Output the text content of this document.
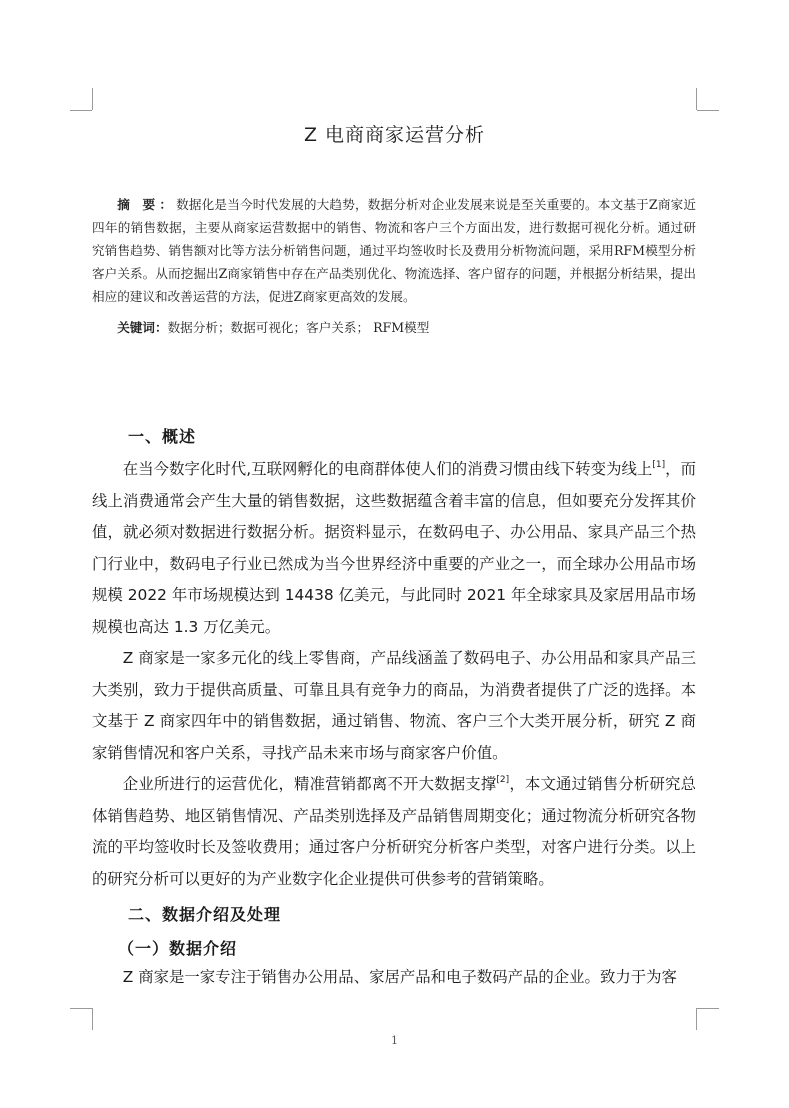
Z 电商商家运营分析
摘 要：数据化是当今时代发展的大趋势，数据分析对企业发展来说是至关重要的。本文基于Z商家近四年的销售数据，主要从商家运营数据中的销售、物流和客户三个方面出发，进行数据可视化分析。通过研究销售趋势、销售额对比等方法分析销售问题，通过平均签收时长及费用分析物流问题，采用RFM模型分析客户关系。从而挖掘出Z商家销售中存在产品类别优化、物流选择、客户留存的问题，并根据分析结果，提出相应的建议和改善运营的方法，促进Z商家更高效的发展。
关键词：数据分析；数据可视化；客户关系； RFM模型
一、概述

在当今数字化时代,互联网孵化的电商群体使人们的消费习惯由线下转变为线上[1]，而线上消费通常会产生大量的销售数据，这些数据蕴含着丰富的信息，但如要充分发挥其价值，就必须对数据进行数据分析。据资料显示，在数码电子、办公用品、家具产品三个热门行业中，数码电子行业已然成为当今世界经济中重要的产业之一，而全球办公用品市场规模 2022 年市场规模达到 14438 亿美元，与此同时 2021 年全球家具及家居用品市场规模也高达 1.3 万亿美元。

Z 商家是一家多元化的线上零售商，产品线涵盖了数码电子、办公用品和家具产品三大类别，致力于提供高质量、可靠且具有竞争力的商品，为消费者提供了广泛的选择。本文基于 Z 商家四年中的销售数据，通过销售、物流、客户三个大类开展分析，研究 Z 商家销售情况和客户关系，寻找产品未来市场与商家客户价值。

企业所进行的运营优化，精准营销都离不开大数据支撑[2]，本文通过销售分析研究总体销售趋势、地区销售情况、产品类别选择及产品销售周期变化；通过物流分析研究各物流的平均签收时长及签收费用；通过客户分析研究分析客户类型，对客户进行分类。以上的研究分析可以更好的为产业数字化企业提供可供参考的营销策略。

二、数据介绍及处理
（一）数据介绍

Z 商家是一家专注于销售办公用品、家居产品和电子数码产品的企业。致力于为客

1
